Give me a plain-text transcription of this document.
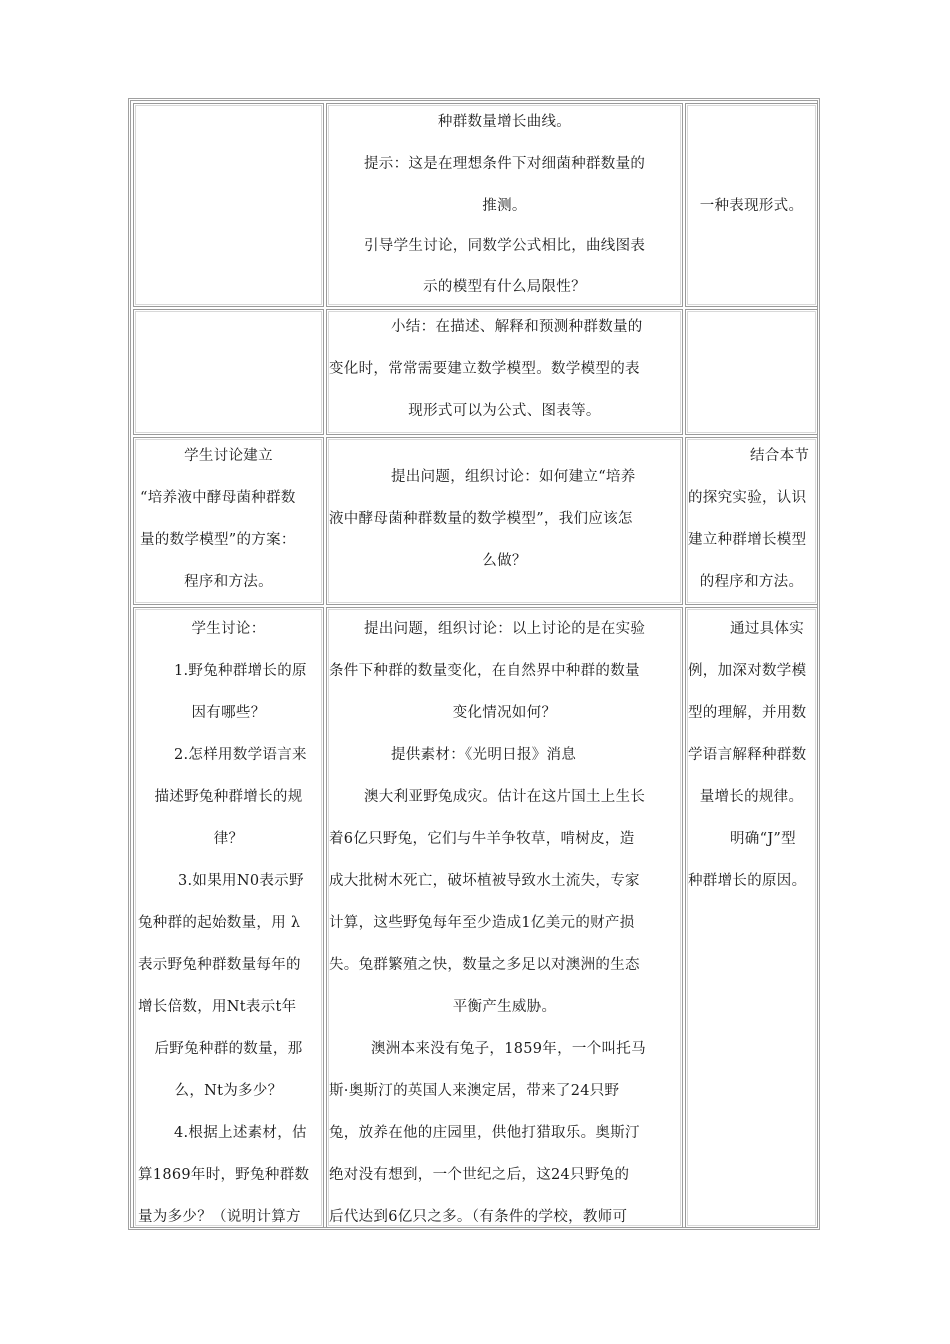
种群数量增长曲线。
提示：这是在理想条件下对细菌种群数量的
推测。
引导学生讨论，同数学公式相比，曲线图表
示的模型有什么局限性？
一种表现形式。
小结：在描述、解释和预测种群数量的
变化时，常常需要建立数学模型。数学模型的表
现形式可以为公式、图表等。
学生讨论建立
“培养液中酵母菌种群数
量的数学模型”的方案：
程序和方法。
提出问题，组织讨论：如何建立“培养
液中酵母菌种群数量的数学模型”，我们应该怎
么做？
结合本节
的探究实验，认识
建立种群增长模型
的程序和方法。
学生讨论：
1.野兔种群增长的原
因有哪些？
2.怎样用数学语言来
描述野兔种群增长的规
律？
3.如果用N0表示野
兔种群的起始数量，用 λ
表示野兔种群数量每年的
增长倍数，用Nt表示t年
后野兔种群的数量，那
么，Nt为多少？
4.根据上述素材，估
算1869年时，野兔种群数
量为多少？（说明计算方
提出问题，组织讨论：以上讨论的是在实验
条件下种群的数量变化，在自然界中种群的数量
变化情况如何？
提供素材：《光明日报》消息
澳大利亚野兔成灾。估计在这片国土上生长
着6亿只野兔，它们与牛羊争牧草，啃树皮，造
成大批树木死亡，破坏植被导致水土流失，专家
计算，这些野兔每年至少造成1亿美元的财产损
失。兔群繁殖之快，数量之多足以对澳洲的生态
平衡产生威胁。
澳洲本来没有兔子，1859年，一个叫托马
斯·奥斯汀的英国人来澳定居，带来了24只野
兔，放养在他的庄园里，供他打猎取乐。奥斯汀
绝对没有想到，一个世纪之后，这24只野兔的
后代达到6亿只之多。（有条件的学校，教师可
通过具体实
例，加深对数学模
型的理解，并用数
学语言解释种群数
量增长的规律。
明确“J”型
种群增长的原因。
